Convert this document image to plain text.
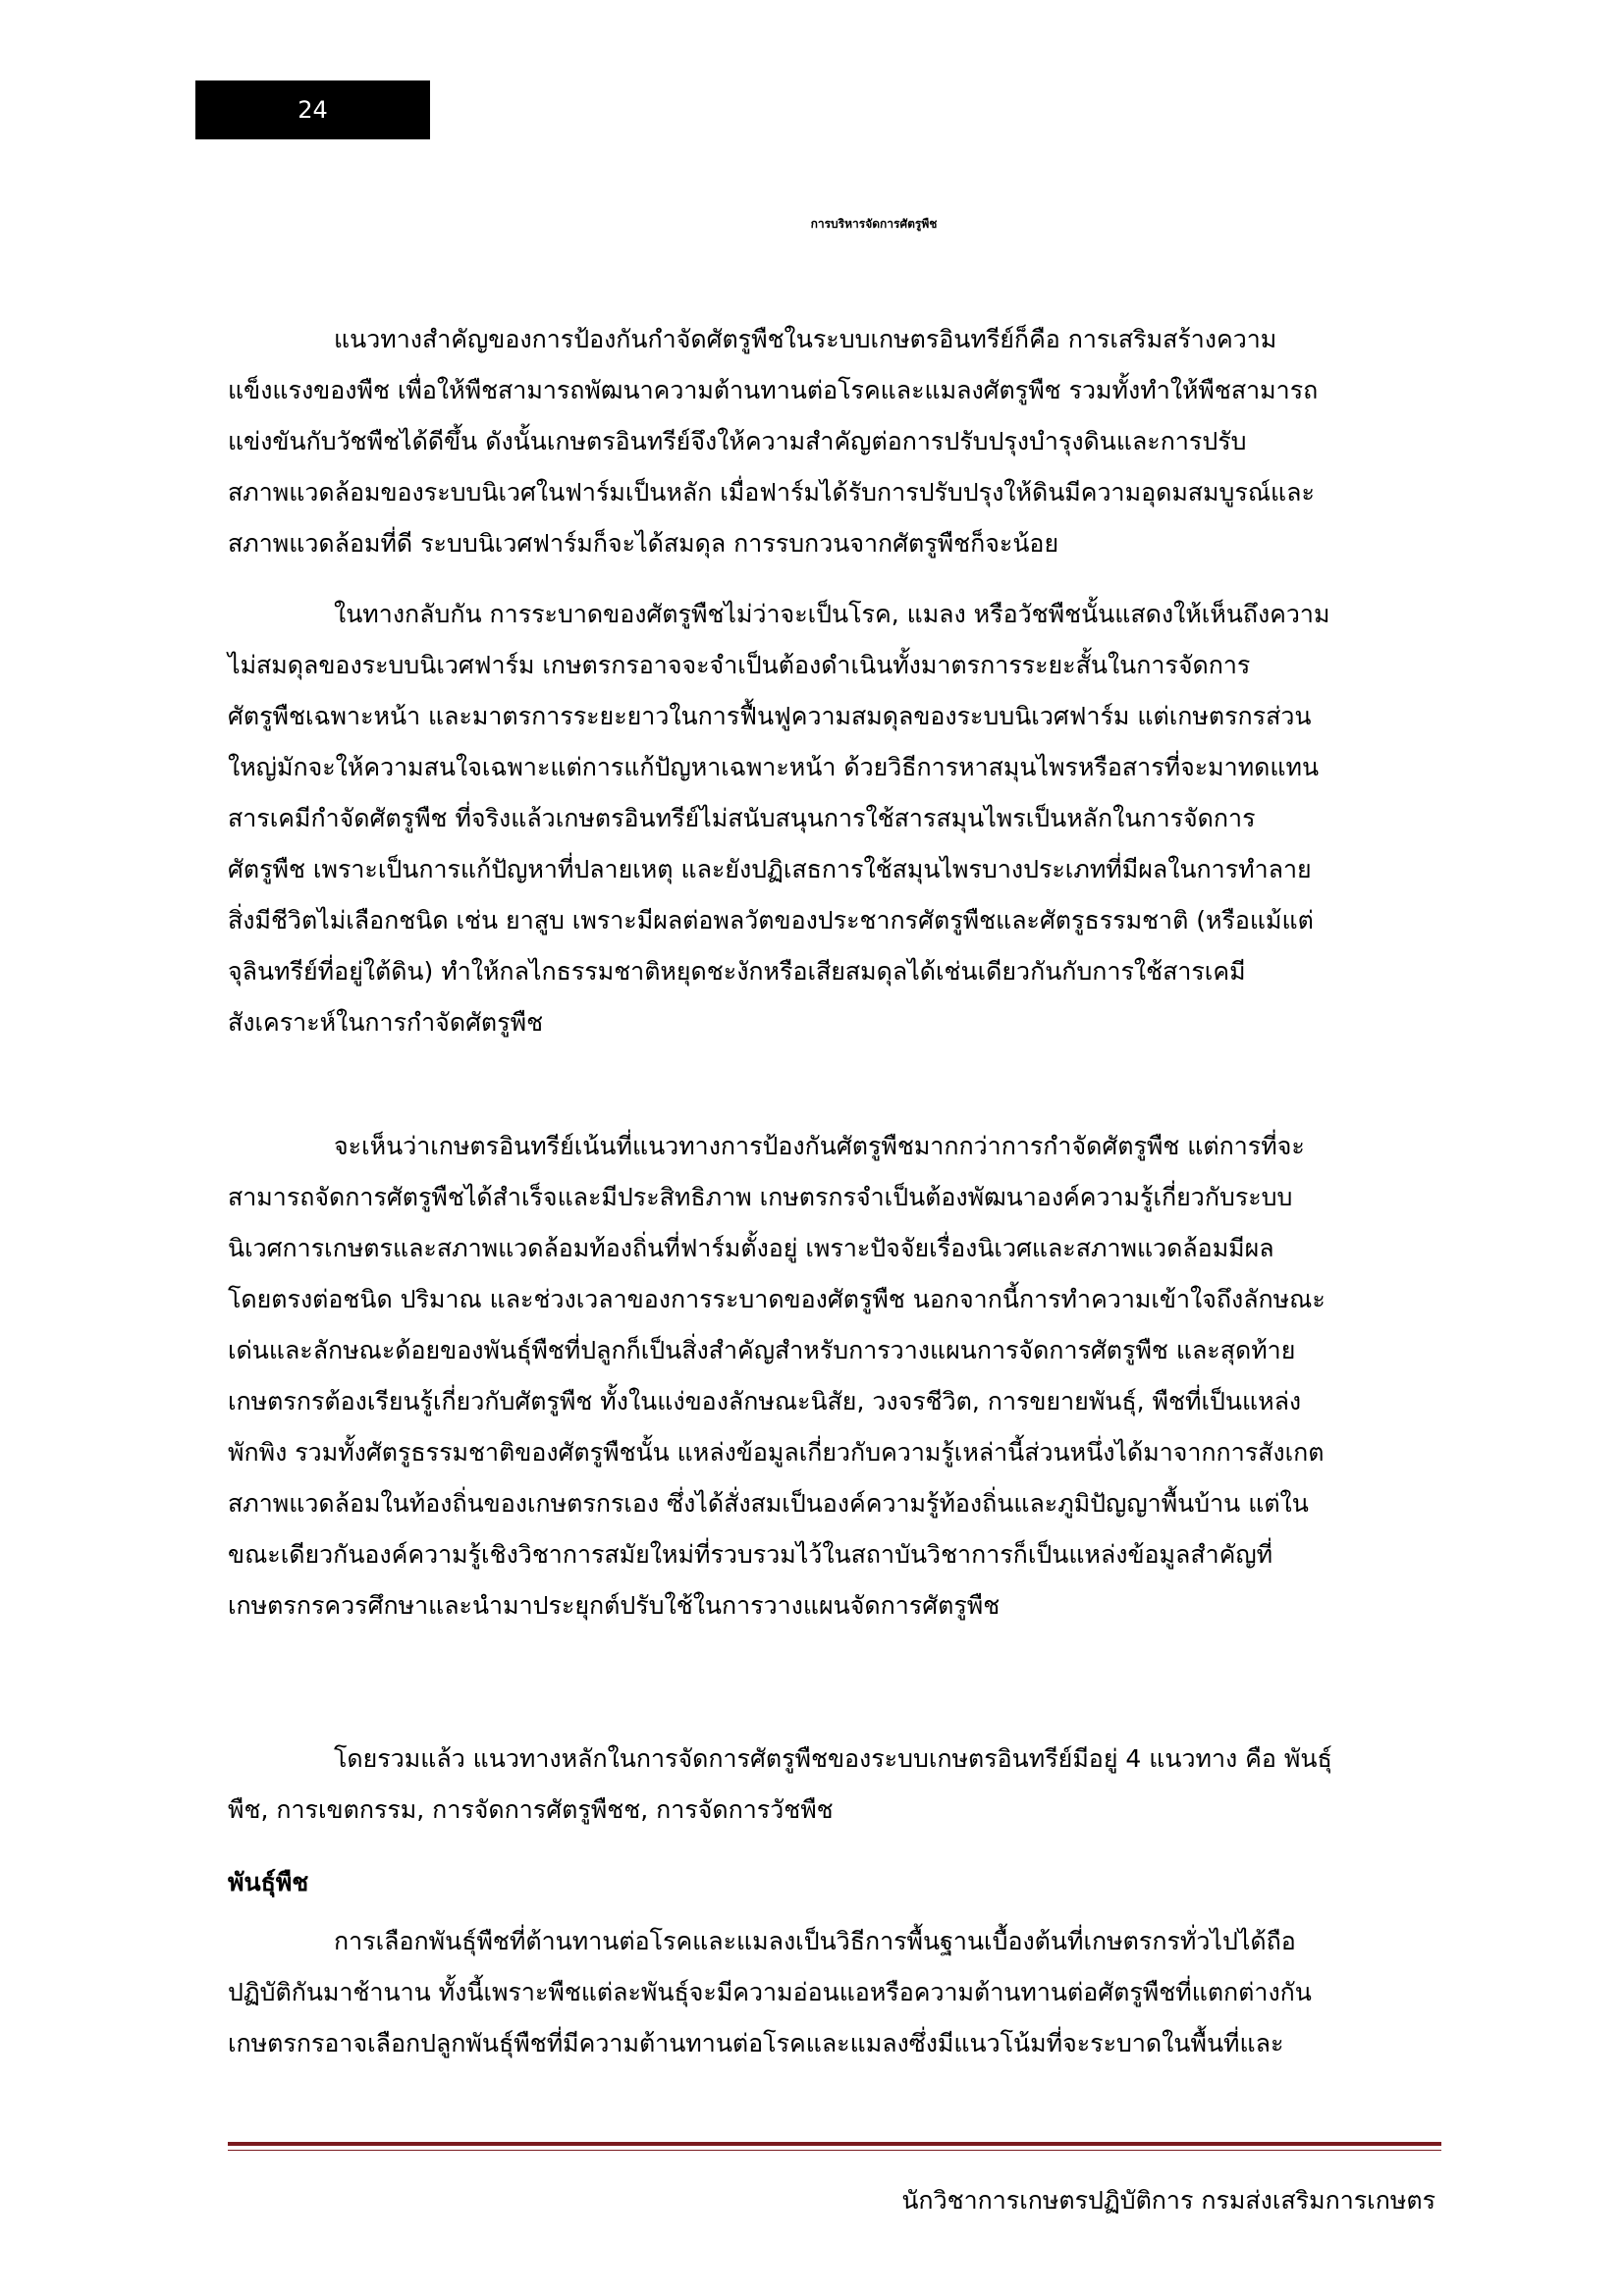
24
การบริหารจัดการศัตรูพืช
แนวทางสำคัญของการป้องกันกำจัดศัตรูพืชในระบบเกษตรอินทรีย์ก็คือ การเสริมสร้างความ
แข็งแรงของพืช เพื่อให้พืชสามารถพัฒนาความต้านทานต่อโรคและแมลงศัตรูพืช รวมทั้งทำให้พืชสามารถ
แข่งขันกับวัชพืชได้ดีขึ้น ดังนั้นเกษตรอินทรีย์จึงให้ความสำคัญต่อการปรับปรุงบำรุงดินและการปรับ
สภาพแวดล้อมของระบบนิเวศในฟาร์มเป็นหลัก เมื่อฟาร์มได้รับการปรับปรุงให้ดินมีความอุดมสมบูรณ์และ
สภาพแวดล้อมที่ดี ระบบนิเวศฟาร์มก็จะได้สมดุล การรบกวนจากศัตรูพืชก็จะน้อย
ในทางกลับกัน การระบาดของศัตรูพืชไม่ว่าจะเป็นโรค, แมลง หรือวัชพืชนั้นแสดงให้เห็นถึงความ
ไม่สมดุลของระบบนิเวศฟาร์ม เกษตรกรอาจจะจำเป็นต้องดำเนินทั้งมาตรการระยะสั้นในการจัดการ
ศัตรูพืชเฉพาะหน้า และมาตรการระยะยาวในการฟื้นฟูความสมดุลของระบบนิเวศฟาร์ม แต่เกษตรกรส่วน
ใหญ่มักจะให้ความสนใจเฉพาะแต่การแก้ปัญหาเฉพาะหน้า ด้วยวิธีการหาสมุนไพรหรือสารที่จะมาทดแทน
สารเคมีกำจัดศัตรูพืช ที่จริงแล้วเกษตรอินทรีย์ไม่สนับสนุนการใช้สารสมุนไพรเป็นหลักในการจัดการ
ศัตรูพืช เพราะเป็นการแก้ปัญหาที่ปลายเหตุ และยังปฏิเสธการใช้สมุนไพรบางประเภทที่มีผลในการทำลาย
สิ่งมีชีวิตไม่เลือกชนิด เช่น ยาสูบ เพราะมีผลต่อพลวัตของประชากรศัตรูพืชและศัตรูธรรมชาติ (หรือแม้แต่
จุลินทรีย์ที่อยู่ใต้ดิน) ทำให้กลไกธรรมชาติหยุดชะงักหรือเสียสมดุลได้เช่นเดียวกันกับการใช้สารเคมี
สังเคราะห์ในการกำจัดศัตรูพืช
จะเห็นว่าเกษตรอินทรีย์เน้นที่แนวทางการป้องกันศัตรูพืชมากกว่าการกำจัดศัตรูพืช แต่การที่จะ
สามารถจัดการศัตรูพืชได้สำเร็จและมีประสิทธิภาพ เกษตรกรจำเป็นต้องพัฒนาองค์ความรู้เกี่ยวกับระบบ
นิเวศการเกษตรและสภาพแวดล้อมท้องถิ่นที่ฟาร์มตั้งอยู่ เพราะปัจจัยเรื่องนิเวศและสภาพแวดล้อมมีผล
โดยตรงต่อชนิด ปริมาณ และช่วงเวลาของการระบาดของศัตรูพืช นอกจากนี้การทำความเข้าใจถึงลักษณะ
เด่นและลักษณะด้อยของพันธุ์พืชที่ปลูกก็เป็นสิ่งสำคัญสำหรับการวางแผนการจัดการศัตรูพืช และสุดท้าย
เกษตรกรต้องเรียนรู้เกี่ยวกับศัตรูพืช ทั้งในแง่ของลักษณะนิสัย, วงจรชีวิต, การขยายพันธุ์, พืชที่เป็นแหล่ง
พักพิง รวมทั้งศัตรูธรรมชาติของศัตรูพืชนั้น แหล่งข้อมูลเกี่ยวกับความรู้เหล่านี้ส่วนหนึ่งได้มาจากการสังเกต
สภาพแวดล้อมในท้องถิ่นของเกษตรกรเอง ซึ่งได้สั่งสมเป็นองค์ความรู้ท้องถิ่นและภูมิปัญญาพื้นบ้าน แต่ใน
ขณะเดียวกันองค์ความรู้เชิงวิชาการสมัยใหม่ที่รวบรวมไว้ในสถาบันวิชาการก็เป็นแหล่งข้อมูลสำคัญที่
เกษตรกรควรศึกษาและนำมาประยุกต์ปรับใช้ในการวางแผนจัดการศัตรูพืช
โดยรวมแล้ว แนวทางหลักในการจัดการศัตรูพืชของระบบเกษตรอินทรีย์มีอยู่ 4 แนวทาง คือ พันธุ์
พืช, การเขตกรรม, การจัดการศัตรูพืชช, การจัดการวัชพืช
พันธุ์พืช
การเลือกพันธุ์พืชที่ต้านทานต่อโรคและแมลงเป็นวิธีการพื้นฐานเบื้องต้นที่เกษตรกรทั่วไปได้ถือ
ปฏิบัติกันมาช้านาน ทั้งนี้เพราะพืชแต่ละพันธุ์จะมีความอ่อนแอหรือความต้านทานต่อศัตรูพืชที่แตกต่างกัน
เกษตรกรอาจเลือกปลูกพันธุ์พืชที่มีความต้านทานต่อโรคและแมลงซึ่งมีแนวโน้มที่จะระบาดในพื้นที่และ
นักวิชาการเกษตรปฏิบัติการ กรมส่งเสริมการเกษตร
